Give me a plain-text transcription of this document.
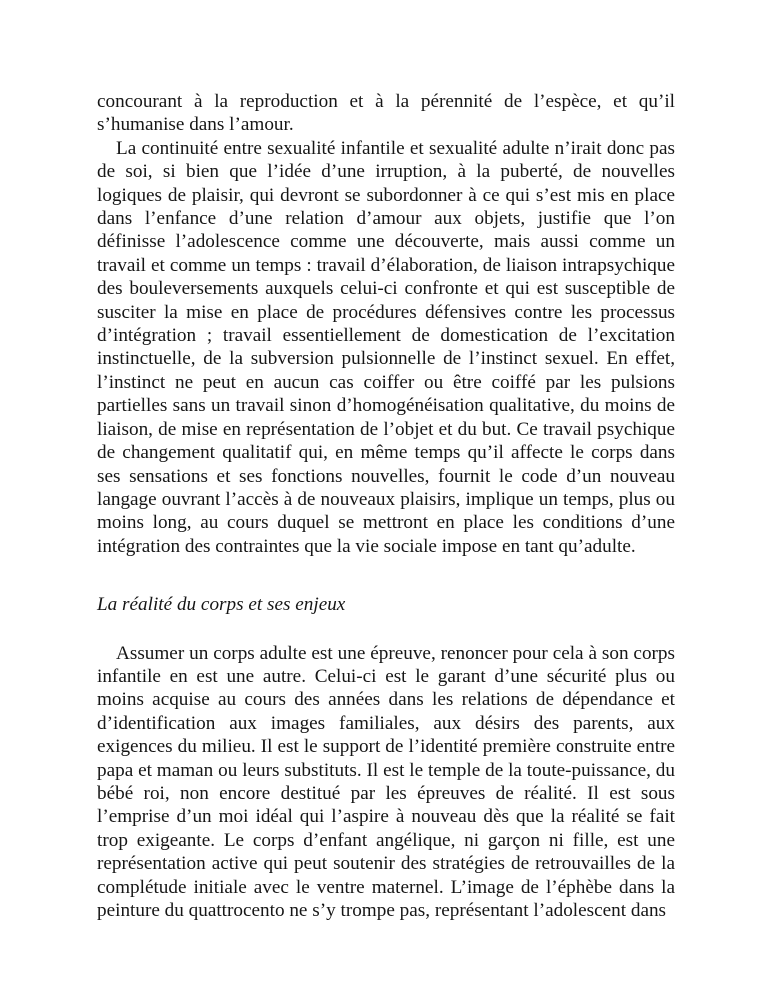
concourant à la reproduction et à la pérennité de l’espèce, et qu’il s’humanise dans l’amour.

La continuité entre sexualité infantile et sexualité adulte n’irait donc pas de soi, si bien que l’idée d’une irruption, à la puberté, de nouvelles logiques de plaisir, qui devront se subordonner à ce qui s’est mis en place dans l’enfance d’une relation d’amour aux objets, justifie que l’on définisse l’adolescence comme une découverte, mais aussi comme un travail et comme un temps : travail d’élaboration, de liaison intrapsychique des bouleversements auxquels celui-ci confronte et qui est susceptible de susciter la mise en place de procédures défensives contre les processus d’intégration ; travail essentiellement de domestication de l’excitation instinctuelle, de la subversion pulsionnelle de l’instinct sexuel. En effet, l’instinct ne peut en aucun cas coiffer ou être coiffé par les pulsions partielles sans un travail sinon d’homogénéisation qualitative, du moins de liaison, de mise en représentation de l’objet et du but. Ce travail psychique de changement qualitatif qui, en même temps qu’il affecte le corps dans ses sensations et ses fonctions nouvelles, fournit le code d’un nouveau langage ouvrant l’accès à de nouveaux plaisirs, implique un temps, plus ou moins long, au cours duquel se mettront en place les conditions d’une intégration des contraintes que la vie sociale impose en tant qu’adulte.

La réalité du corps et ses enjeux

Assumer un corps adulte est une épreuve, renoncer pour cela à son corps infantile en est une autre. Celui-ci est le garant d’une sécurité plus ou moins acquise au cours des années dans les relations de dépendance et d’identification aux images familiales, aux désirs des parents, aux exigences du milieu. Il est le support de l’identité première construite entre papa et maman ou leurs substituts. Il est le temple de la toute-puissance, du bébé roi, non encore destitué par les épreuves de réalité. Il est sous l’emprise d’un moi idéal qui l’aspire à nouveau dès que la réalité se fait trop exigeante. Le corps d’enfant angélique, ni garçon ni fille, est une représentation active qui peut soutenir des stratégies de retrouvailles de la complétude initiale avec le ventre maternel. L’image de l’éphèbe dans la peinture du quattrocento ne s’y trompe pas, représentant l’adolescent dans
